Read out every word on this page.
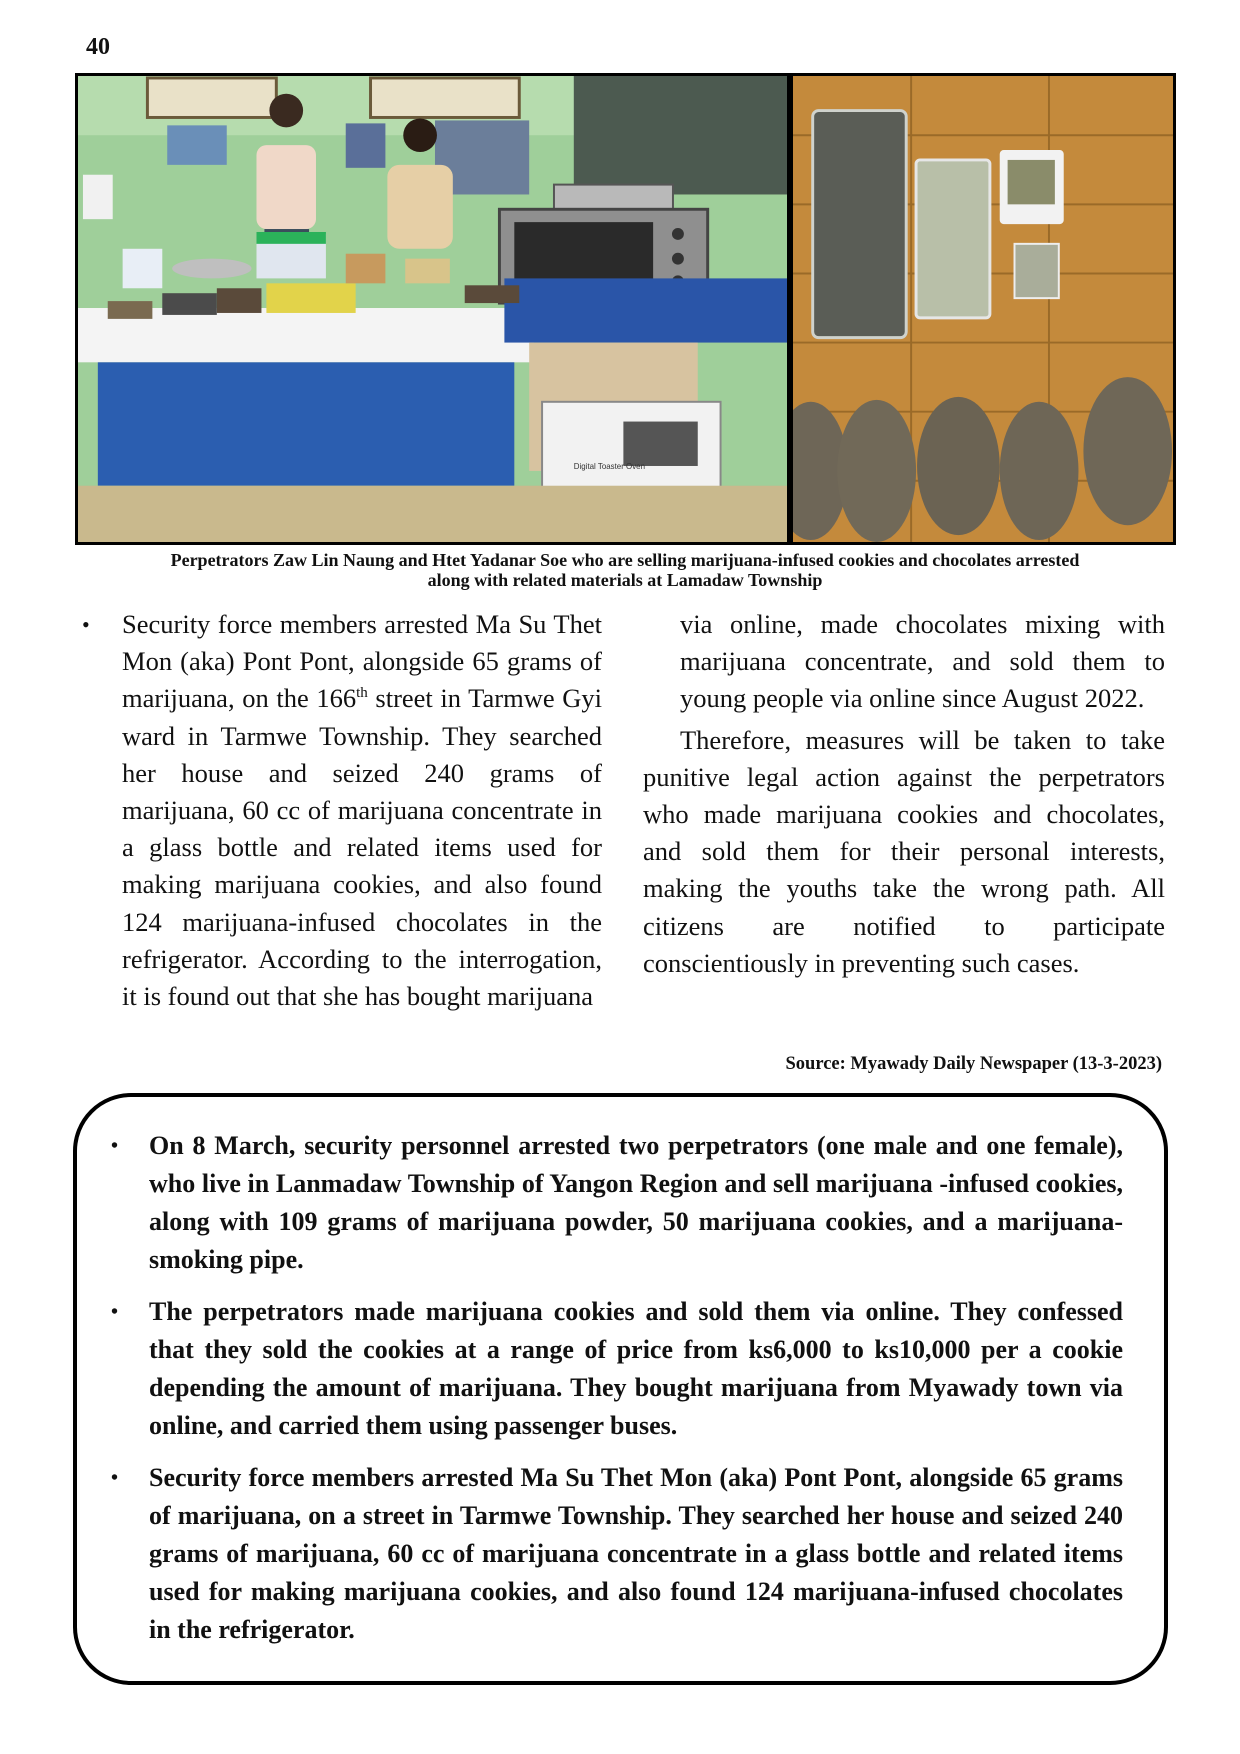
40
Digital Toaster Oven
Perpetrators Zaw Lin Naung and Htet Yadanar Soe who are selling marijuana-infused cookies and chocolates arrested
along with related materials at Lamadaw Township
•	Security force members arrested Ma Su Thet Mon (aka) Pont Pont, alongside 65 grams of marijuana, on the 166th street in Tarmwe Gyi ward in Tarmwe Township. They searched her house and seized 240 grams of marijuana, 60 cc of marijuana concentrate in a glass bottle and related items used for making marijuana cookies, and also found 124 marijuana-infused chocolates in the refrigerator. According to the interrogation, it is found out that she has bought marijuana
via online, made chocolates mixing with marijuana concentrate, and sold them to young people via online since August 2022.
Therefore, measures will be taken to take punitive legal action against the perpetrators who made marijuana cookies and chocolates, and sold them for their personal interests, making the youths take the wrong path. All citizens are notified to participate conscientiously in preventing such cases.
Source: Myawady Daily Newspaper (13-3-2023)
•	On 8 March, security personnel arrested two perpetrators (one male and one female), who live in Lanmadaw Township of Yangon Region and sell marijuana -infused cookies, along with 109 grams of marijuana powder, 50 marijuana cookies, and a marijuana-smoking pipe.
•	The perpetrators made marijuana cookies and sold them via online. They confessed that they sold the cookies at a range of price from ks6,000 to ks10,000 per a cookie depending the amount of marijuana. They bought marijuana from Myawady town via online, and carried them using passenger buses.
•	Security force members arrested Ma Su Thet Mon (aka) Pont Pont, alongside 65 grams of marijuana, on a street in Tarmwe Township. They searched her house and seized 240 grams of marijuana, 60 cc of marijuana concentrate in a glass bottle and related items used for making marijuana cookies, and also found 124 marijuana-infused chocolates in the refrigerator.
